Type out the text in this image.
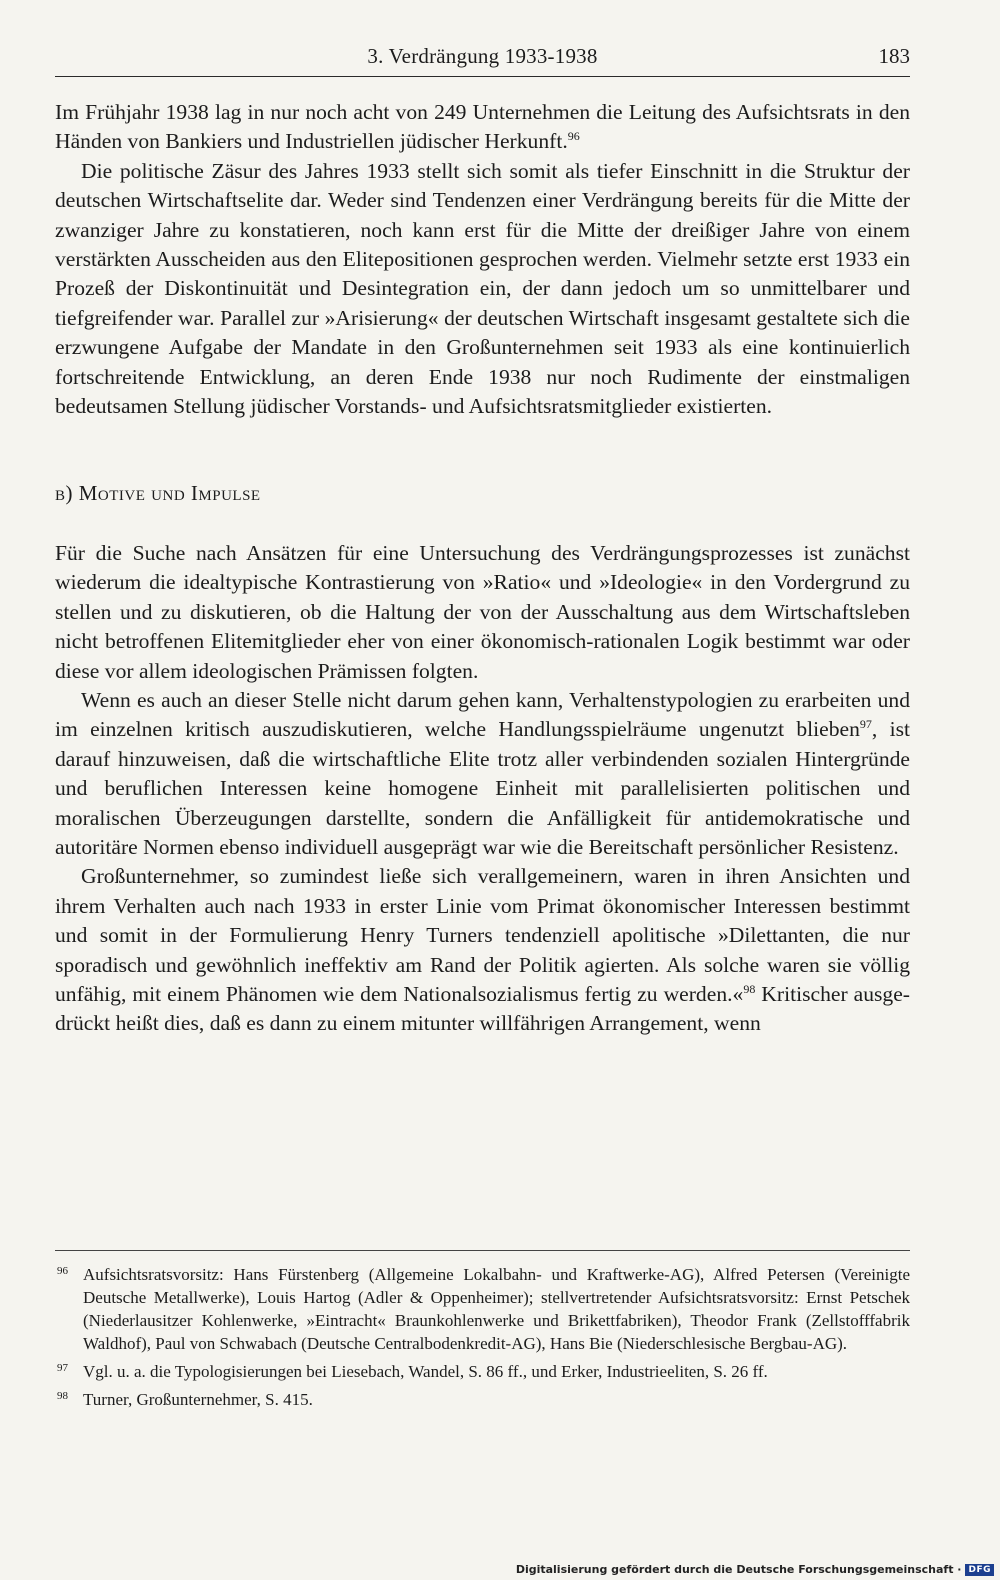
3. Verdrängung 1933-1938	183

Im Frühjahr 1938 lag in nur noch acht von 249 Unternehmen die Leitung des Aufsichtsrats in den Händen von Bankiers und Industriellen jüdischer Herkunft.$^{96}$

Die politische Zäsur des Jahres 1933 stellt sich somit als tiefer Einschnitt in die Struktur der deutschen Wirtschaftselite dar. Weder sind Tendenzen einer Verdrängung bereits für die Mitte der zwanziger Jahre zu konstatieren, noch kann erst für die Mitte der dreißiger Jahre von einem verstärkten Ausscheiden aus den Elitepositionen gesprochen werden. Vielmehr setzte erst 1933 ein Prozeß der Diskontinuität und Desintegration ein, der dann jedoch um so unmittelbarer und tiefgreifender war. Parallel zur »Arisierung« der deutschen Wirtschaft insgesamt gestaltete sich die erzwungene Aufgabe der Mandate in den Großunternehmen seit 1933 als eine kontinuierlich fortschreitende Entwicklung, an deren Ende 1938 nur noch Rudimente der einstmaligen bedeutsamen Stellung jüdischer Vorstands- und Aufsichtsratsmitglieder existierten.

b) Motive und Impulse

Für die Suche nach Ansätzen für eine Untersuchung des Verdrängungsprozesses ist zunächst wiederum die idealtypische Kontrastierung von »Ratio« und »Ideologie« in den Vordergrund zu stellen und zu diskutieren, ob die Haltung der von der Ausschaltung aus dem Wirtschaftsleben nicht betroffenen Elitemitglieder eher von einer ökonomisch-rationalen Logik bestimmt war oder diese vor allem ideologischen Prämissen folgten.

Wenn es auch an dieser Stelle nicht darum gehen kann, Verhaltenstypologien zu erarbeiten und im einzelnen kritisch auszudiskutieren, welche Handlungsspielräume ungenutzt blieben$^{97}$, ist darauf hinzuweisen, daß die wirtschaftliche Elite trotz aller verbindenden sozialen Hintergründe und beruflichen Interessen keine homogene Einheit mit parallelisierten politischen und moralischen Überzeugungen darstellte, sondern die Anfälligkeit für antidemokratische und autoritäre Normen ebenso individuell ausgeprägt war wie die Bereitschaft persönlicher Resistenz.

Großunternehmer, so zumindest ließe sich verallgemeinern, waren in ihren Ansichten und ihrem Verhalten auch nach 1933 in erster Linie vom Primat ökonomischer Interessen bestimmt und somit in der Formulierung Henry Turners tendenziell apolitische »Dilettanten, die nur sporadisch und gewöhnlich ineffektiv am Rand der Politik agierten. Als solche waren sie völlig unfähig, mit einem Phänomen wie dem Nationalsozialismus fertig zu werden.«$^{98}$ Kritischer ausgedrückt heißt dies, daß es dann zu einem mitunter willfährigen Arrangement, wenn

96 Aufsichtsratsvorsitz: Hans Fürstenberg (Allgemeine Lokalbahn- und Kraftwerke-AG), Alfred Petersen (Vereinigte Deutsche Metallwerke), Louis Hartog (Adler & Oppenheimer); stellvertretender Aufsichtsratsvorsitz: Ernst Petschek (Niederlausitzer Kohlenwerke, »Eintracht« Braunkohlenwerke und Brikettfabriken), Theodor Frank (Zellstofffabrik Waldhof), Paul von Schwabach (Deutsche Centralbodenkredit-AG), Hans Bie (Niederschlesische Bergbau-AG).

97 Vgl. u. a. die Typologisierungen bei Liesebach, Wandel, S. 86 ff., und Erker, Industrieeliten, S. 26 ff.

98 Turner, Großunternehmer, S. 415.

Digitalisierung gefördert durch die Deutsche Forschungsgemeinschaft · DFG
